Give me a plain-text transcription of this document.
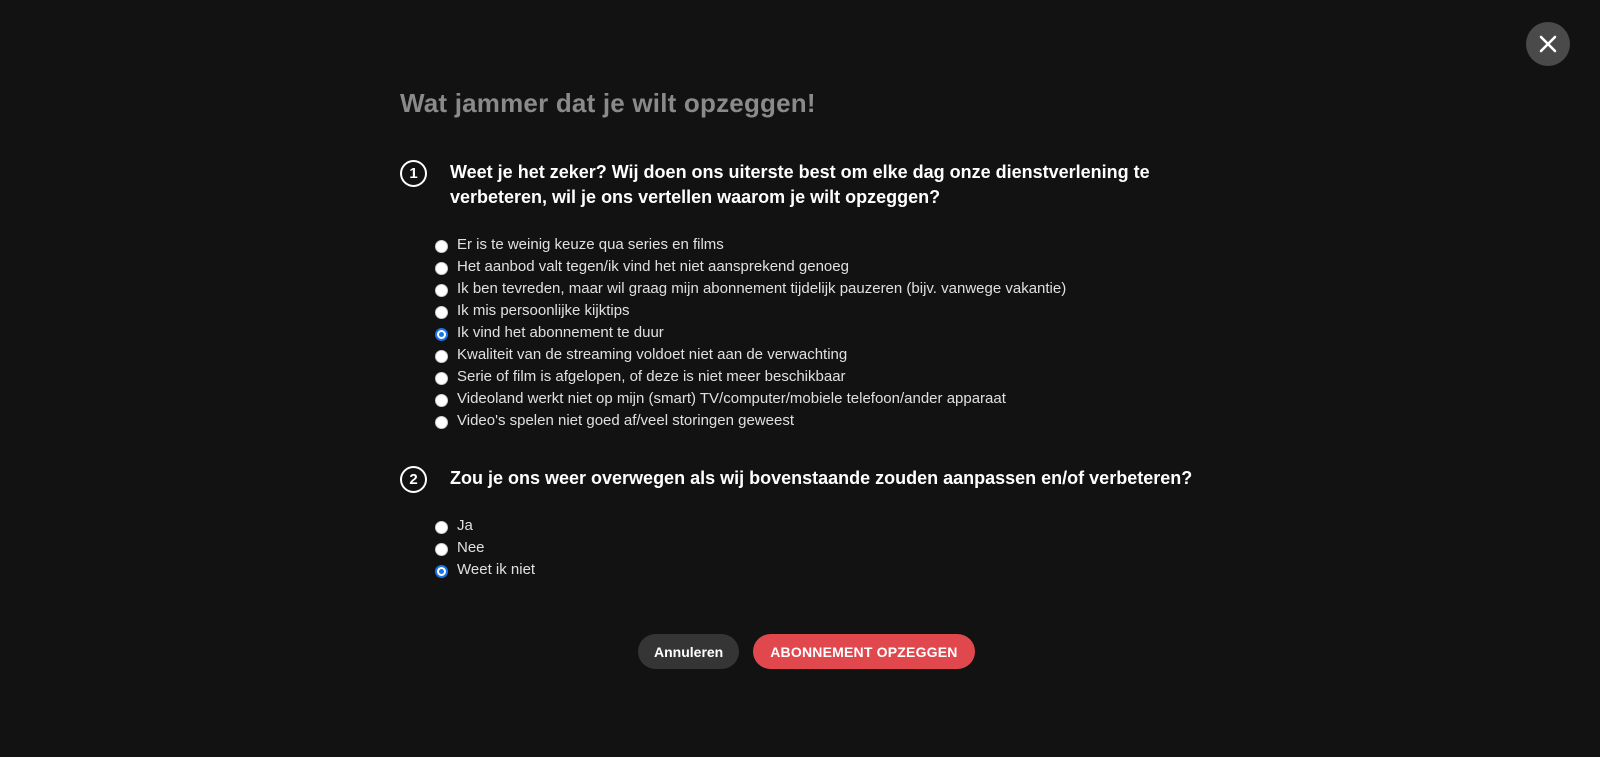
Wat jammer dat je wilt opzeggen!
1	Weet je het zeker? Wij doen ons uiterste best om elke dag onze dienstverlening te verbeteren, wil je ons vertellen waarom je wilt opzeggen?

Er is te weinig keuze qua series en films
Het aanbod valt tegen/ik vind het niet aansprekend genoeg
Ik ben tevreden, maar wil graag mijn abonnement tijdelijk pauzeren (bijv. vanwege vakantie)
Ik mis persoonlijke kijktips
Ik vind het abonnement te duur
Kwaliteit van de streaming voldoet niet aan de verwachting
Serie of film is afgelopen, of deze is niet meer beschikbaar
Videoland werkt niet op mijn (smart) TV/computer/mobiele telefoon/ander apparaat
Video's spelen niet goed af/veel storingen geweest
2	Zou je ons weer overwegen als wij bovenstaande zouden aanpassen en/of verbeteren?

Ja
Nee
Weet ik niet
Annuleren	ABONNEMENT OPZEGGEN
